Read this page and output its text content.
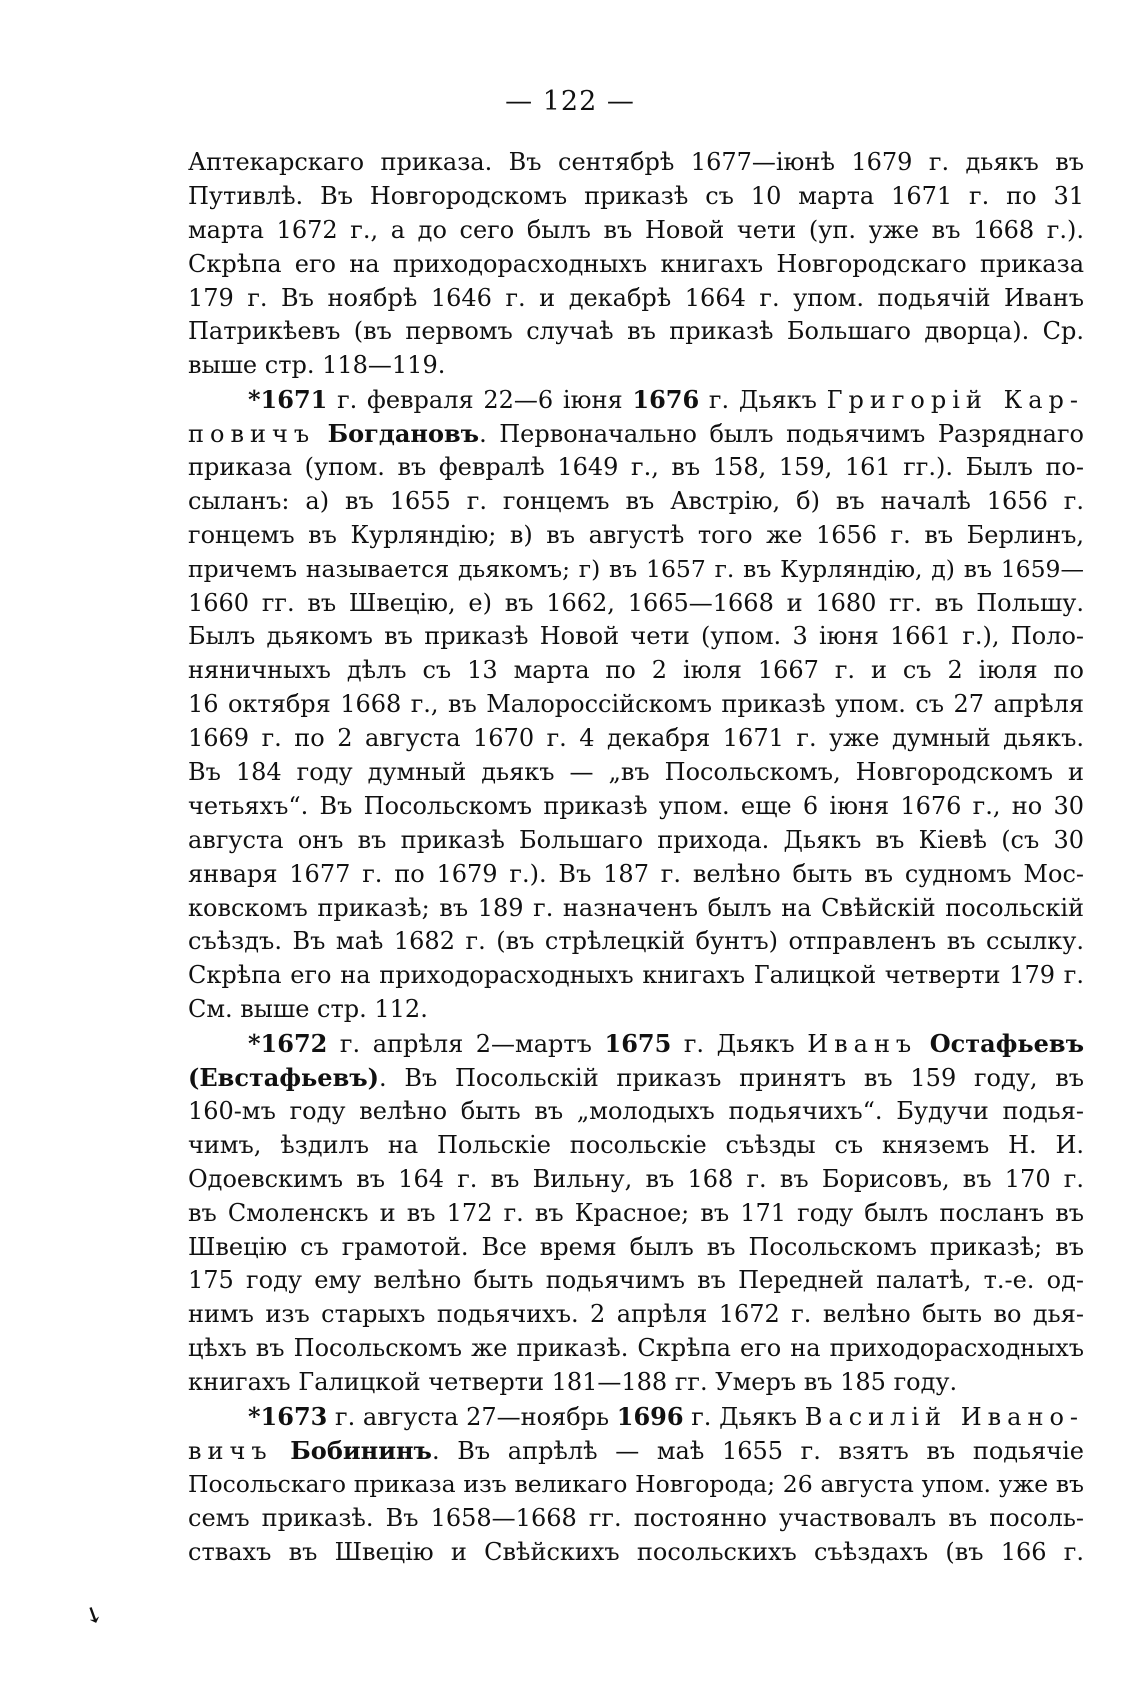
— 122 —
Аптекарскаго приказа. Въ сентябрѣ 1677—iюнѣ 1679 г. дьякъ въ
Путивлѣ. Въ Новгородскомъ приказѣ съ 10 марта 1671 г. по 31
марта 1672 г., а до сего былъ въ Новой чети (уп. уже въ 1668 г.).
Скрѣпа его на приходорасходныхъ книгахъ Новгородскаго приказа
179 г. Въ ноябрѣ 1646 г. и декабрѣ 1664 г. упом. подьячiй Иванъ
Патрикѣевъ (въ первомъ случаѣ въ приказѣ Большаго дворца). Ср.
выше стр. 118—119.
*1671 г. февраля 22—6 iюня 1676 г. Дьякъ Григорiй Кар-
повичъ Богдановъ. Первоначально былъ подьячимъ Разряднаго
приказа (упом. въ февралѣ 1649 г., въ 158, 159, 161 гг.). Былъ по-
сыланъ: а) въ 1655 г. гонцемъ въ Австрiю, б) въ началѣ 1656 г.
гонцемъ въ Курляндiю; в) въ августѣ того же 1656 г. въ Берлинъ,
причемъ называется дьякомъ; г) въ 1657 г. въ Курляндiю, д) въ 1659—
1660 гг. въ Швецiю, е) въ 1662, 1665—1668 и 1680 гг. въ Польшу.
Былъ дьякомъ въ приказѣ Новой чети (упом. 3 iюня 1661 г.), Поло-
няничныхъ дѣлъ съ 13 марта по 2 iюля 1667 г. и съ 2 iюля по
16 октября 1668 г., въ Малороссiйскомъ приказѣ упом. съ 27 апрѣля
1669 г. по 2 августа 1670 г. 4 декабря 1671 г. уже думный дьякъ.
Въ 184 году думный дьякъ — „въ Посольскомъ, Новгородскомъ и
четьяхъ“. Въ Посольскомъ приказѣ упом. еще 6 iюня 1676 г., но 30
августа онъ въ приказѣ Большаго прихода. Дьякъ въ Кiевѣ (съ 30
января 1677 г. по 1679 г.). Въ 187 г. велѣно быть въ судномъ Мос-
ковскомъ приказѣ; въ 189 г. назначенъ былъ на Свѣйскiй посольскiй
съѣздъ. Въ маѣ 1682 г. (въ стрѣлецкiй бунтъ) отправленъ въ ссылку.
Скрѣпа его на приходорасходныхъ книгахъ Галицкой четверти 179 г.
См. выше стр. 112.
*1672 г. апрѣля 2—мартъ 1675 г. Дьякъ Иванъ Остафьевъ
(Евстафьевъ). Въ Посольскiй приказъ принятъ въ 159 году, въ
160-мъ году велѣно быть въ „молодыхъ подьячихъ“. Будучи подья-
чимъ, ѣздилъ на Польскiе посольскiе съѣзды съ княземъ Н. И.
Одоевскимъ въ 164 г. въ Вильну, въ 168 г. въ Борисовъ, въ 170 г.
въ Смоленскъ и въ 172 г. въ Красное; въ 171 году былъ посланъ въ
Швецiю съ грамотой. Все время былъ въ Посольскомъ приказѣ; въ
175 году ему велѣно быть подьячимъ въ Передней палатѣ, т.-е. од-
нимъ изъ старыхъ подьячихъ. 2 апрѣля 1672 г. велѣно быть во дья-
цѣхъ въ Посольскомъ же приказѣ. Скрѣпа его на приходорасходныхъ
книгахъ Галицкой четверти 181—188 гг. Умеръ въ 185 году.
*1673 г. августа 27—ноябрь 1696 г. Дьякъ Василiй Ивано-
вичъ Бобининъ. Въ апрѣлѣ — маѣ 1655 г. взятъ въ подьячiе
Посольскаго приказа изъ великаго Новгорода; 26 августа упом. уже въ
семъ приказѣ. Въ 1658—1668 гг. постоянно участвовалъ въ посоль-
ствахъ въ Швецiю и Свѣйскихъ посольскихъ съѣздахъ (въ 166 г.
↘
